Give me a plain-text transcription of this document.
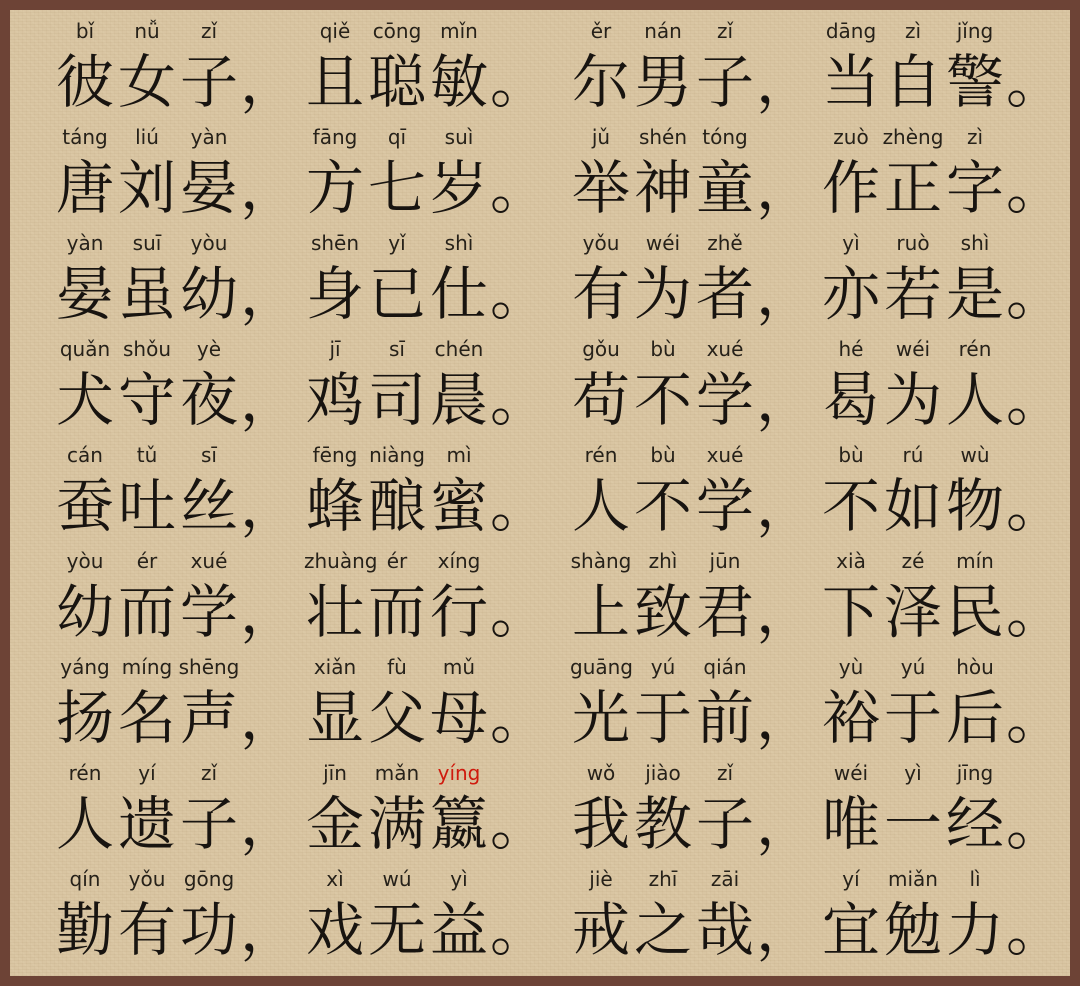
bǐ
彼
nǚ
女
zǐ
子 ，
qiě
且
cōng
聪
mǐn
敏 。
ěr
尔
nán
男
zǐ
子 ，
dāng
当
zì
自
jǐng
警 。
táng
唐
liú
刘
yàn
晏 ，
fāng
方
qī
七
suì
岁 。
jǔ
举
shén
神
tóng
童 ，
zuò
作
zhèng
正
zì
字 。
yàn
晏
suī
虽
yòu
幼 ，
shēn
身
yǐ
已
shì
仕 。
yǒu
有
wéi
为
zhě
者 ，
yì
亦
ruò
若
shì
是 。
quǎn
犬
shǒu
守
yè
夜 ，
jī
鸡
sī
司
chén
晨 。
gǒu
苟
bù
不
xué
学 ，
hé
曷
wéi
为
rén
人 。
cán
蚕
tǔ
吐
sī
丝 ，
fēng
蜂
niàng
酿
mì
蜜 。
rén
人
bù
不
xué
学 ，
bù
不
rú
如
wù
物 。
yòu
幼
ér
而
xué
学 ，
zhuàng
壮
ér
而
xíng
行 。
shàng
上
zhì
致
jūn
君 ，
xià
下
zé
泽
mín
民 。
yáng
扬
míng
名
shēng
声 ，
xiǎn
显
fù
父
mǔ
母 。
guāng
光
yú
于
qián
前 ，
yù
裕
yú
于
hòu
后 。
rén
人
yí
遗
zǐ
子 ，
jīn
金
mǎn
满
yíng
籝 。
wǒ
我
jiào
教
zǐ
子 ，
wéi
唯
yì
一
jīng
经 。
qín
勤
yǒu
有
gōng
功 ，
xì
戏
wú
无
yì
益 。
jiè
戒
zhī
之
zāi
哉 ，
yí
宜
miǎn
勉
lì
力 。
